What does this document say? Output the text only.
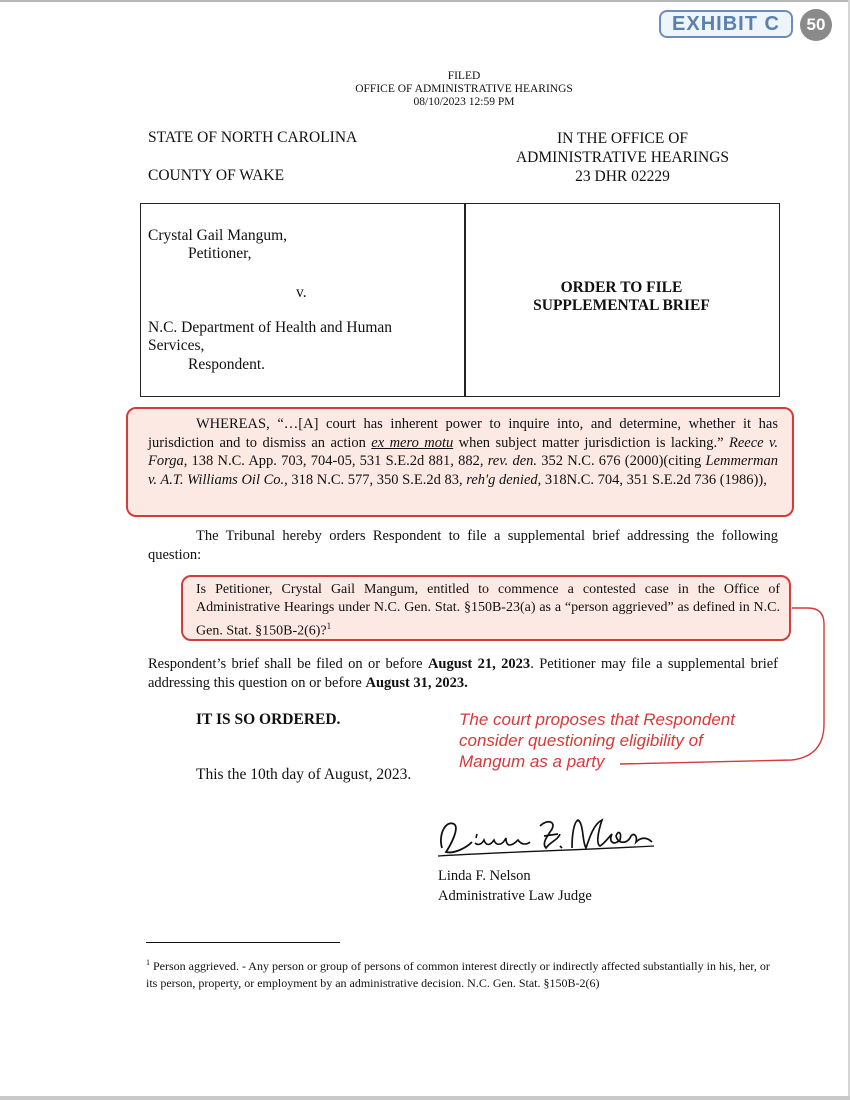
EXHIBIT C	50
FILED
OFFICE OF ADMINISTRATIVE HEARINGS
08/10/2023 12:59 PM
STATE OF NORTH CAROLINA
COUNTY OF WAKE
IN THE OFFICE OF
ADMINISTRATIVE HEARINGS
23 DHR 02229
Crystal Gail Mangum,
Petitioner,
v.
N.C. Department of Health and Human
Services,
Respondent.
ORDER TO FILE
SUPPLEMENTAL BRIEF
WHEREAS, “…[A] court has inherent power to inquire into, and determine, whether it has jurisdiction and to dismiss an action ex mero motu when subject matter jurisdiction is lacking.” Reece v. Forga, 138 N.C. App. 703, 704-05, 531 S.E.2d 881, 882, rev. den. 352 N.C. 676 (2000)(citing Lemmerman v. A.T. Williams Oil Co., 318 N.C. 577, 350 S.E.2d 83, reh'g denied, 318N.C. 704, 351 S.E.2d 736 (1986)),
The Tribunal hereby orders Respondent to file a supplemental brief addressing the following question:
Is Petitioner, Crystal Gail Mangum, entitled to commence a contested case in the Office of Administrative Hearings under N.C. Gen. Stat. §150B-23(a) as a “person aggrieved” as defined in N.C. Gen. Stat. §150B-2(6)?$^1$
Respondent’s brief shall be filed on or before August 21, 2023. Petitioner may file a supplemental brief addressing this question on or before August 31, 2023.
IT IS SO ORDERED.	The court proposes that Respondent
consider questioning eligibility of
Mangum as a party
This the 10th day of August, 2023.
Linda F. Nelson
Administrative Law Judge
$^1$ Person aggrieved. - Any person or group of persons of common interest directly or indirectly affected substantially in his, her, or its person, property, or employment by an administrative decision. N.C. Gen. Stat. §150B-2(6)
